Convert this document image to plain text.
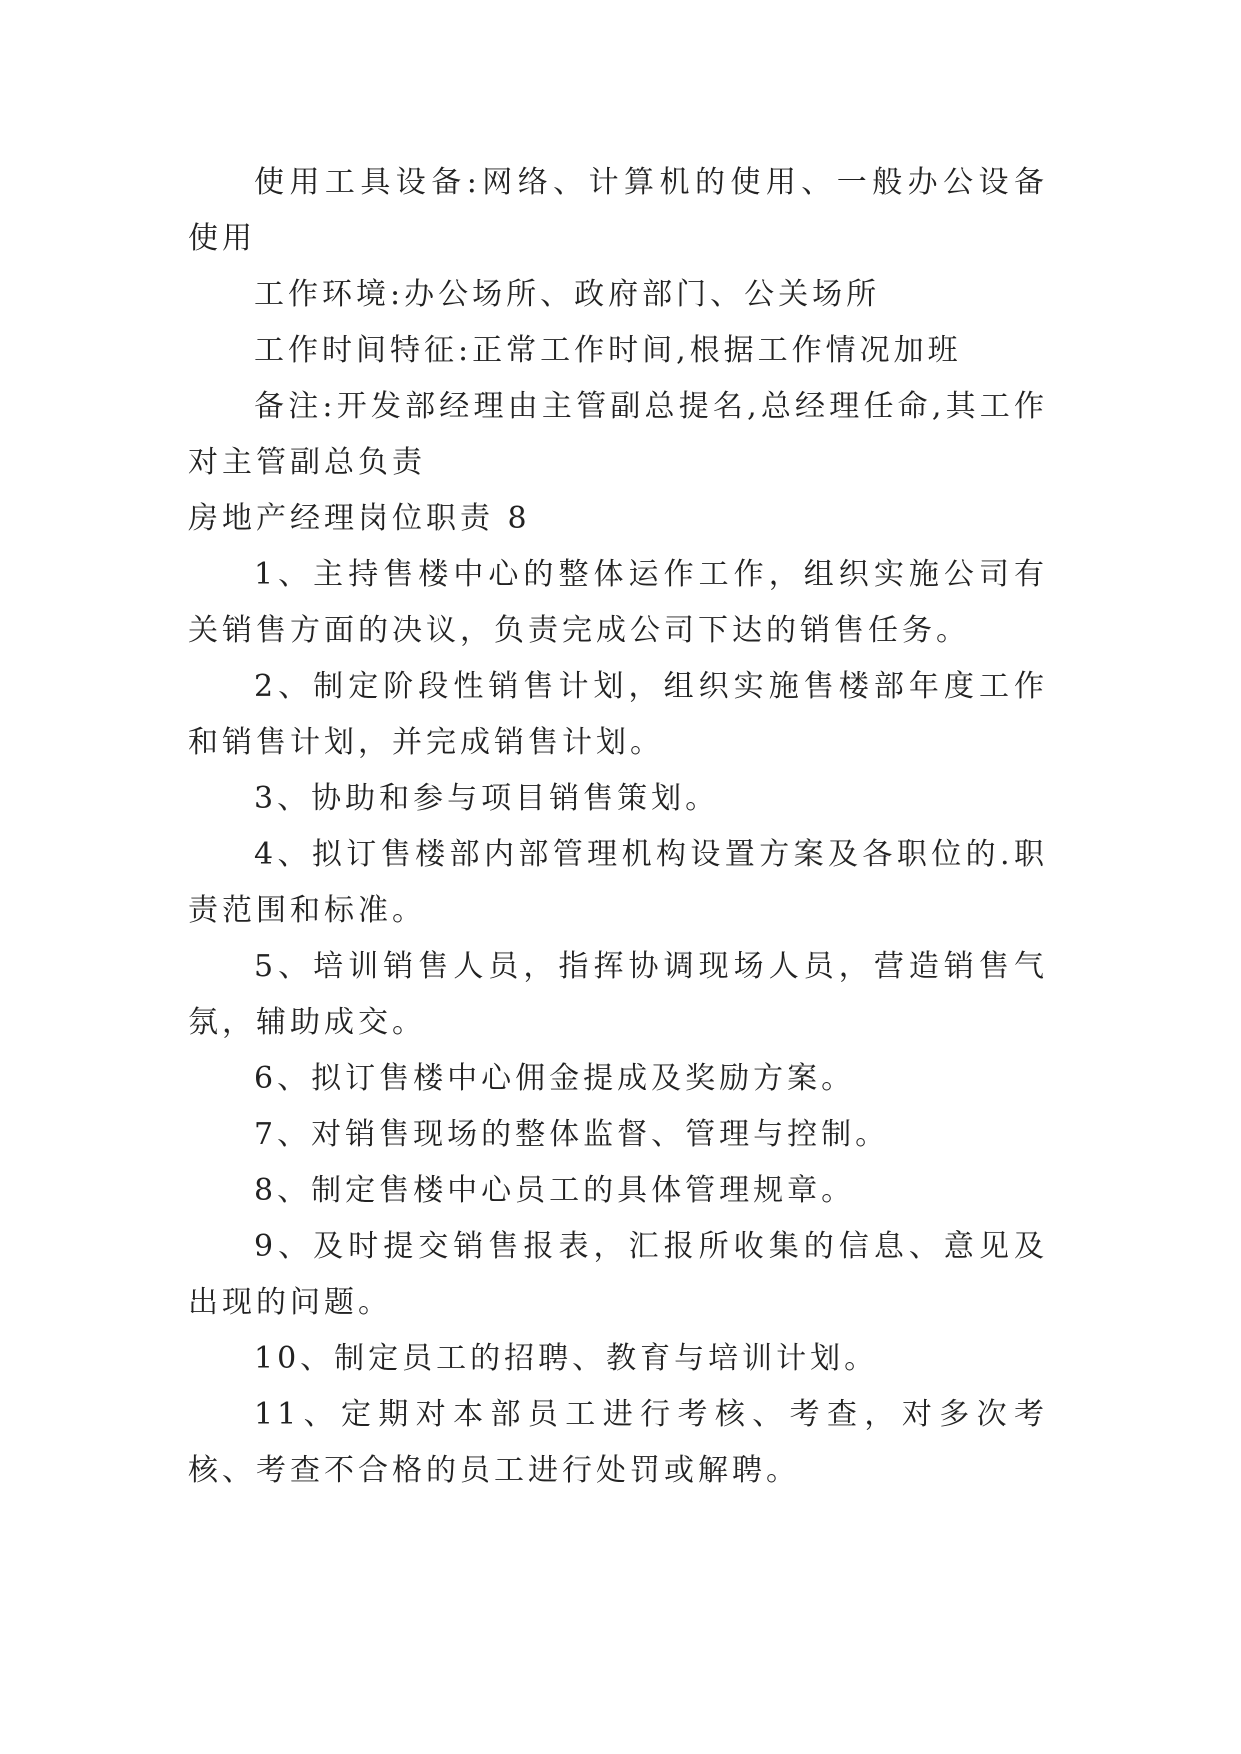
使用工具设备:网络、计算机的使用、一般办公设备使用

工作环境:办公场所、政府部门、公关场所

工作时间特征:正常工作时间,根据工作情况加班

备注:开发部经理由主管副总提名,总经理任命,其工作对主管副总负责

房地产经理岗位职责 8

1、主持售楼中心的整体运作工作，组织实施公司有关销售方面的决议，负责完成公司下达的销售任务。

2、制定阶段性销售计划，组织实施售楼部年度工作和销售计划，并完成销售计划。

3、协助和参与项目销售策划。

4、拟订售楼部内部管理机构设置方案及各职位的.职责范围和标准。

5、培训销售人员，指挥协调现场人员，营造销售气氛，辅助成交。

6、拟订售楼中心佣金提成及奖励方案。

7、对销售现场的整体监督、管理与控制。

8、制定售楼中心员工的具体管理规章。

9、及时提交销售报表，汇报所收集的信息、意见及出现的问题。

10、制定员工的招聘、教育与培训计划。

11、定期对本部员工进行考核、考查，对多次考核、考查不合格的员工进行处罚或解聘。
